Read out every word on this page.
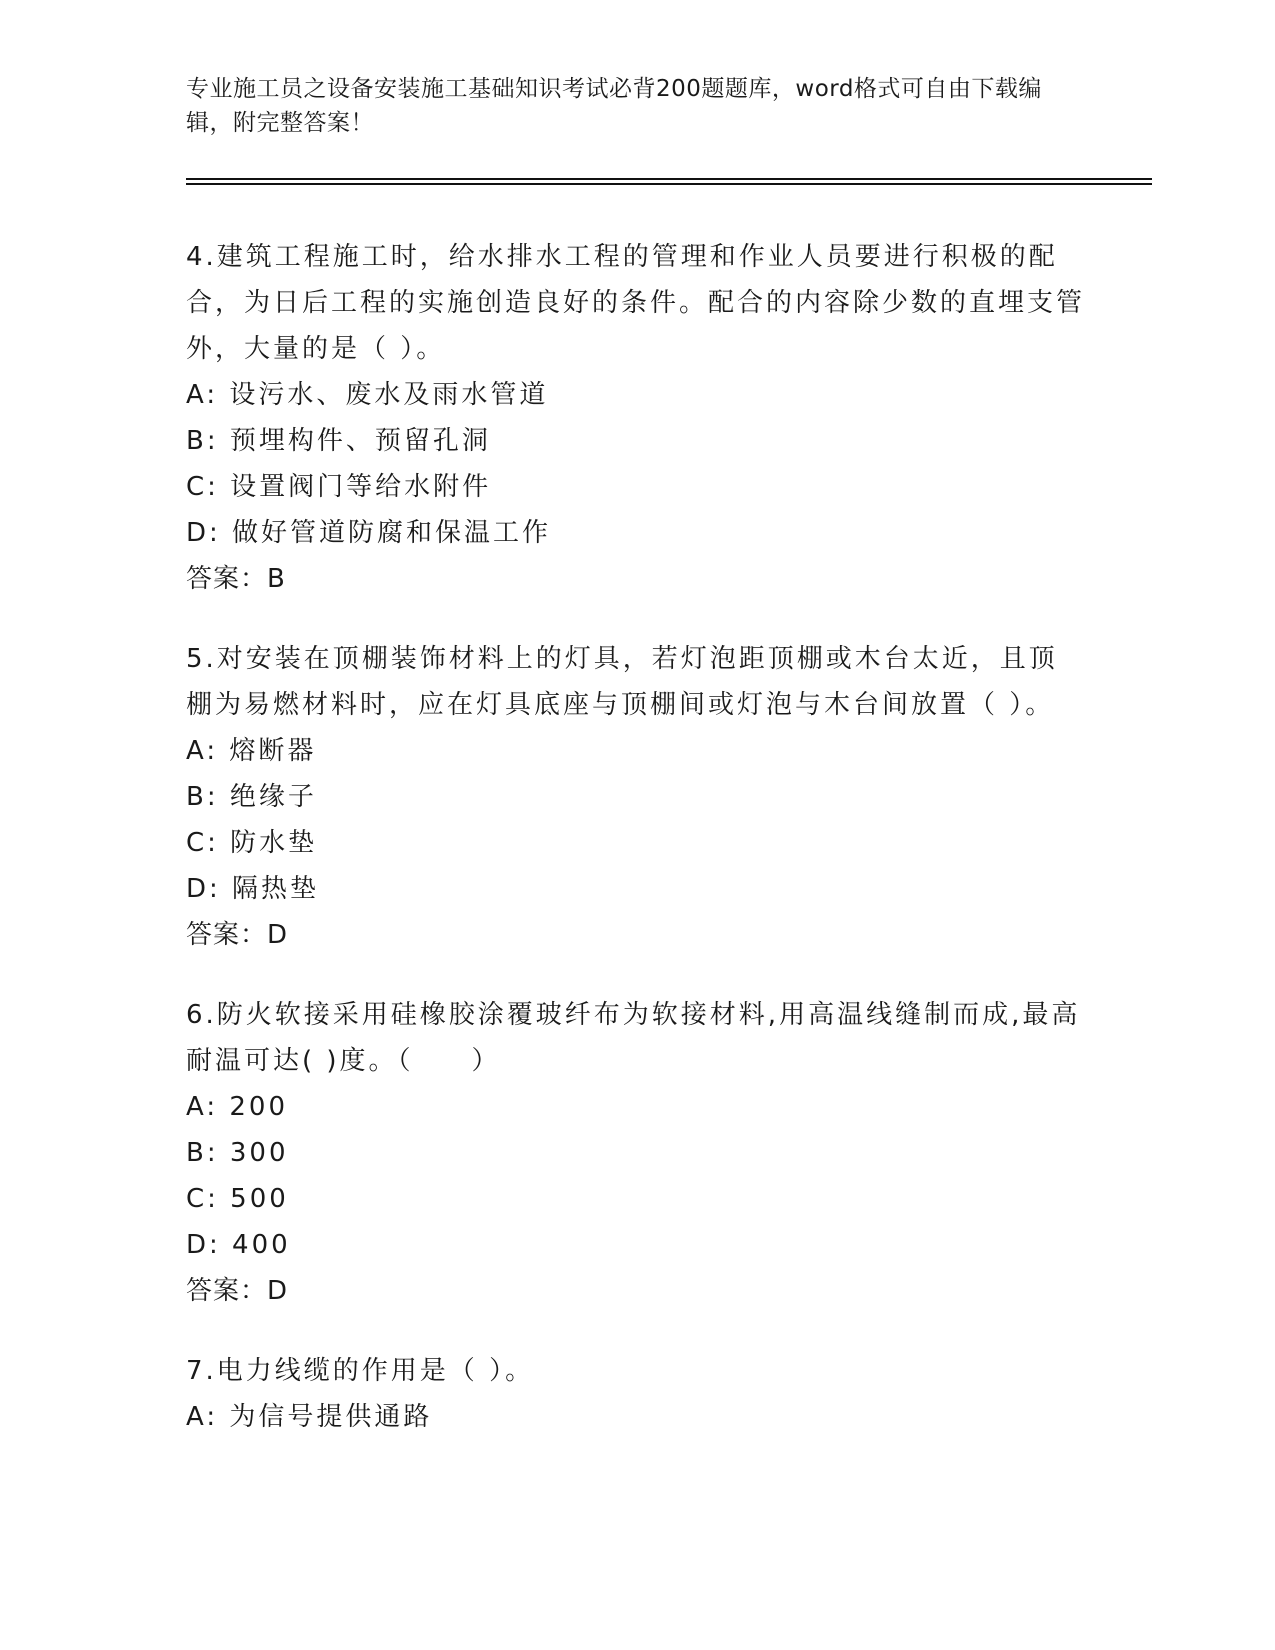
专业施工员之设备安装施工基础知识考试必背200题题库，word格式可自由下载编辑，附完整答案！
4.建筑工程施工时，给水排水工程的管理和作业人员要进行积极的配合，为日后工程的实施创造良好的条件。配合的内容除少数的直埋支管外，大量的是（ ）。
A: 设污水、废水及雨水管道
B: 预埋构件、预留孔洞
C: 设置阀门等给水附件
D: 做好管道防腐和保温工作
答案：B
5.对安装在顶棚装饰材料上的灯具，若灯泡距顶棚或木台太近，且顶棚为易燃材料时，应在灯具底座与顶棚间或灯泡与木台间放置（ ）。
A: 熔断器
B: 绝缘子
C: 防水垫
D: 隔热垫
答案：D
6.防火软接采用硅橡胶涂覆玻纤布为软接材料,用高温线缝制而成,最高耐温可达( )度。（　　）
A: 200
B: 300
C: 500
D: 400
答案：D
7.电力线缆的作用是（ ）。
A: 为信号提供通路
